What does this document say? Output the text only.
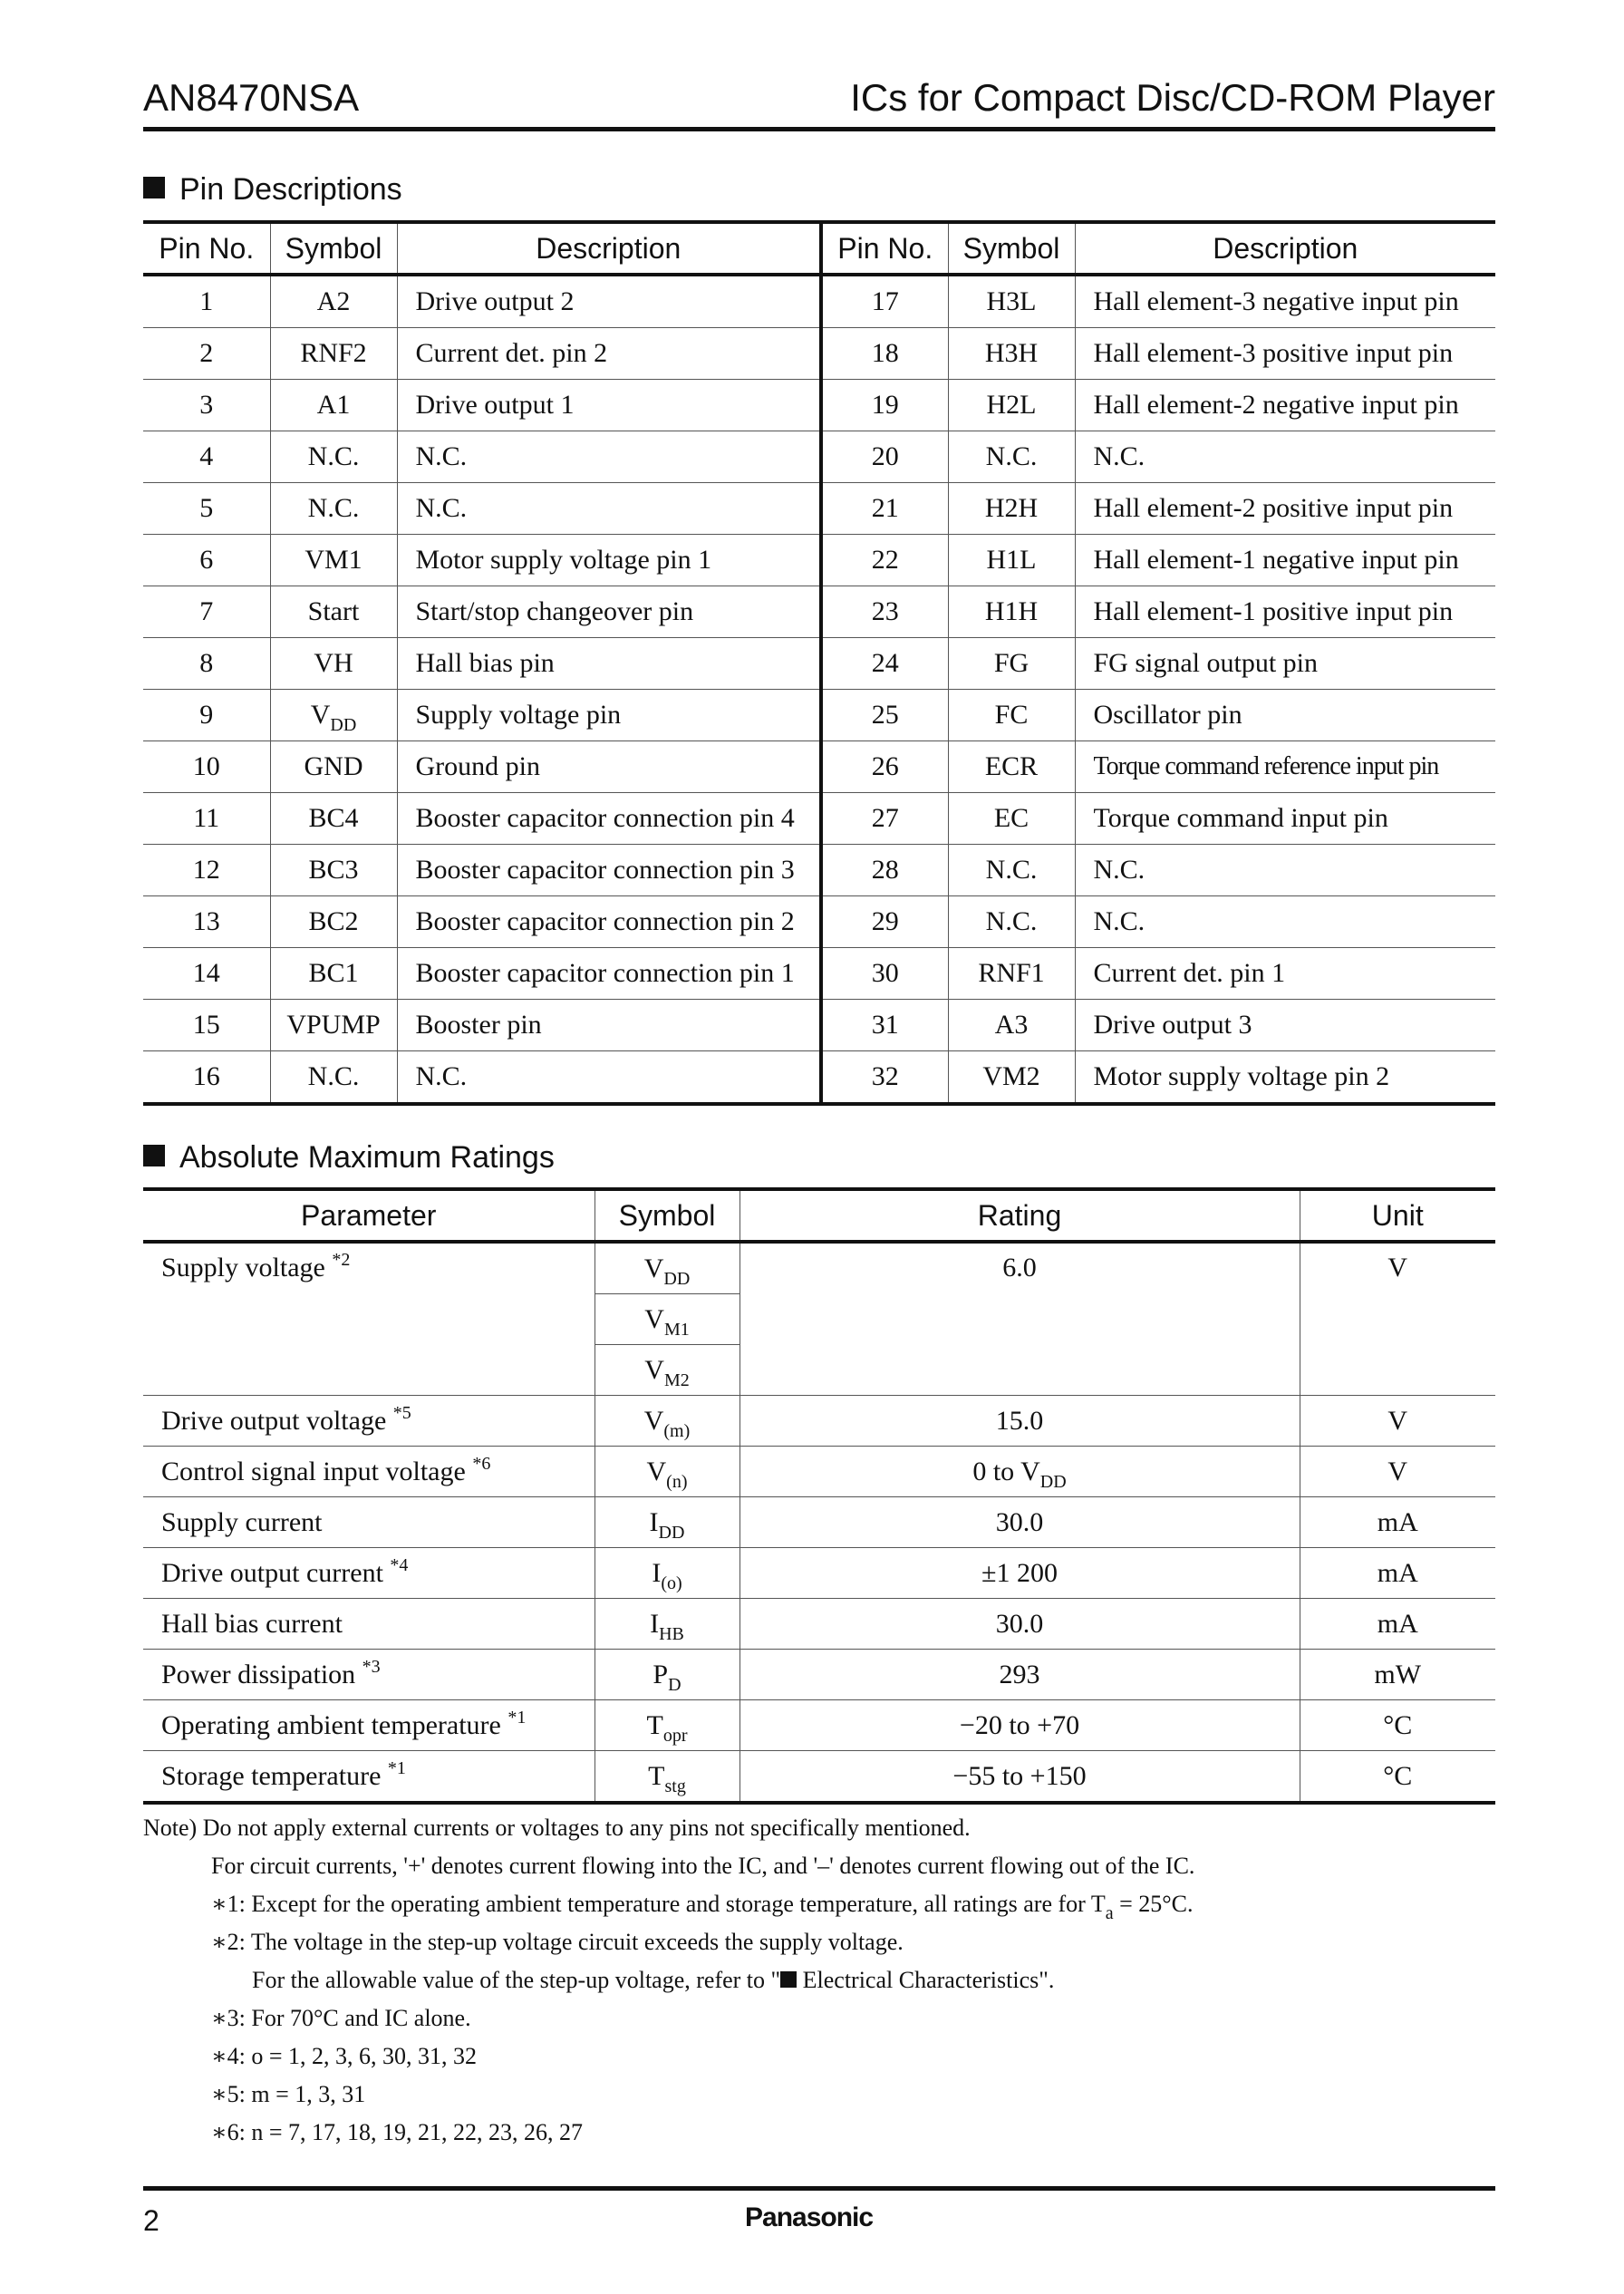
AN8470NSA	ICs for Compact Disc/CD-ROM Player
Pin Descriptions
Pin No.	Symbol	Description	Pin No.	Symbol	Description
1	A2	Drive output 2	17	H3L	Hall element-3 negative input pin
2	RNF2	Current det. pin 2	18	H3H	Hall element-3 positive input pin
3	A1	Drive output 1	19	H2L	Hall element-2 negative input pin
4	N.C.	N.C.	20	N.C.	N.C.
5	N.C.	N.C.	21	H2H	Hall element-2 positive input pin
6	VM1	Motor supply voltage pin 1	22	H1L	Hall element-1 negative input pin
7	Start	Start/stop changeover pin	23	H1H	Hall element-1 positive input pin
8	VH	Hall bias pin	24	FG	FG signal output pin
9	$V_{DD}$	Supply voltage pin	25	FC	Oscillator pin
10	GND	Ground pin	26	ECR	Torque command reference input pin
11	BC4	Booster capacitor connection pin 4	27	EC	Torque command input pin
12	BC3	Booster capacitor connection pin 3	28	N.C.	N.C.
13	BC2	Booster capacitor connection pin 2	29	N.C.	N.C.
14	BC1	Booster capacitor connection pin 1	30	RNF1	Current det. pin 1
15	VPUMP	Booster pin	31	A3	Drive output 3
16	N.C.	N.C.	32	VM2	Motor supply voltage pin 2
Absolute Maximum Ratings
Parameter	Symbol	Rating	Unit
Supply voltage $^{*2}$	$V_{DD}$	6.0	V
	$V_{M1}$
	$V_{M2}$
Drive output voltage $^{*5}$	$V_{(m)}$	15.0	V
Control signal input voltage $^{*6}$	$V_{(n)}$	0 to $V_{DD}$	V
Supply current	$I_{DD}$	30.0	mA
Drive output current $^{*4}$	$I_{(o)}$	±1 200	mA
Hall bias current	$I_{HB}$	30.0	mA
Power dissipation $^{*3}$	$P_D$	293	mW
Operating ambient temperature $^{*1}$	$T_{opr}$	−20 to +70	°C
Storage temperature $^{*1}$	$T_{stg}$	−55 to +150	°C
Note) Do not apply external currents or voltages to any pins not specifically mentioned.
For circuit currents, '+' denotes current flowing into the IC, and '–' denotes current flowing out of the IC.
∗1: Except for the operating ambient temperature and storage temperature, all ratings are for $T_a = 25^\circ C$.
∗2: The voltage in the step-up voltage circuit exceeds the supply voltage.
For the allowable value of the step-up voltage, refer to " Electrical Characteristics".
∗3: For 70°C and IC alone.
∗4: o = 1, 2, 3, 6, 30, 31, 32
∗5: m = 1, 3, 31
∗6: n = 7, 17, 18, 19, 21, 22, 23, 26, 27
2	Panasonic
